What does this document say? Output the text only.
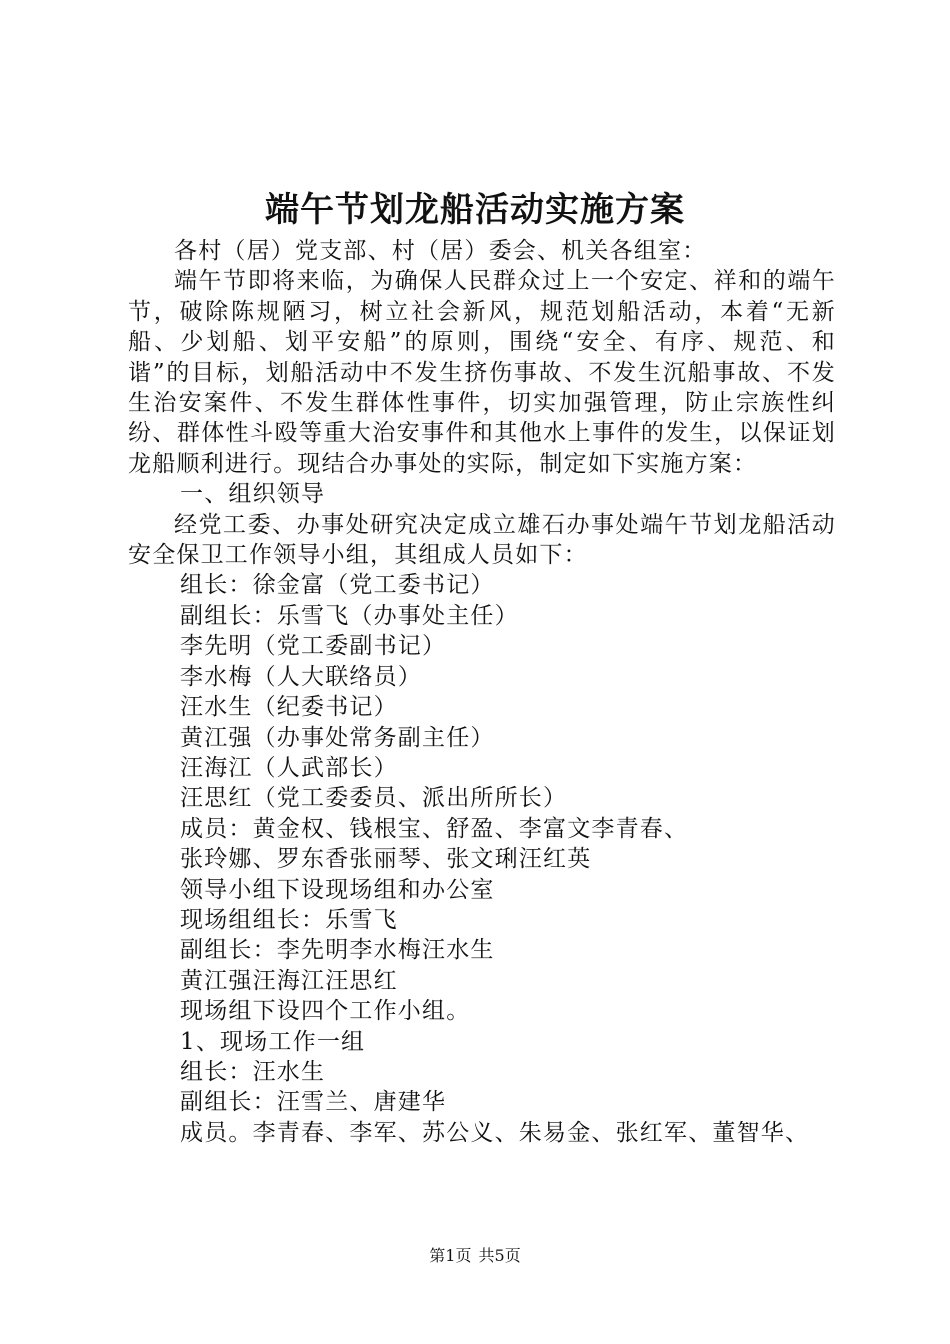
端午节划龙船活动实施方案

各村（居）党支部、村（居）委会、机关各组室：

端午节即将来临，为确保人民群众过上一个安定、祥和的端午节，破除陈规陋习，树立社会新风，规范划船活动，本着“无新船、少划船、划平安船”的原则，围绕“安全、有序、规范、和谐”的目标，划船活动中不发生挤伤事故、不发生沉船事故、不发生治安案件、不发生群体性事件，切实加强管理，防止宗族性纠纷、群体性斗殴等重大治安事件和其他水上事件的发生，以保证划龙船顺利进行。现结合办事处的实际，制定如下实施方案：

一、组织领导

经党工委、办事处研究决定成立雄石办事处端午节划龙船活动安全保卫工作领导小组，其组成人员如下：

组长：徐金富（党工委书记）

副组长：乐雪飞（办事处主任）

李先明（党工委副书记）

李水梅（人大联络员）

汪水生（纪委书记）

黄江强（办事处常务副主任）

汪海江（人武部长）

汪思红（党工委委员、派出所所长）

成员：黄金权、钱根宝、舒盈、李富文李青春、

张玲娜、罗东香张丽琴、张文琍汪红英

领导小组下设现场组和办公室

现场组组长：乐雪飞

副组长：李先明李水梅汪水生

黄江强汪海江汪思红

现场组下设四个工作小组。

1、现场工作一组

组长：汪水生

副组长：汪雪兰、唐建华

成员。李青春、李军、苏公义、朱易金、张红军、董智华、

第1页 共5页
